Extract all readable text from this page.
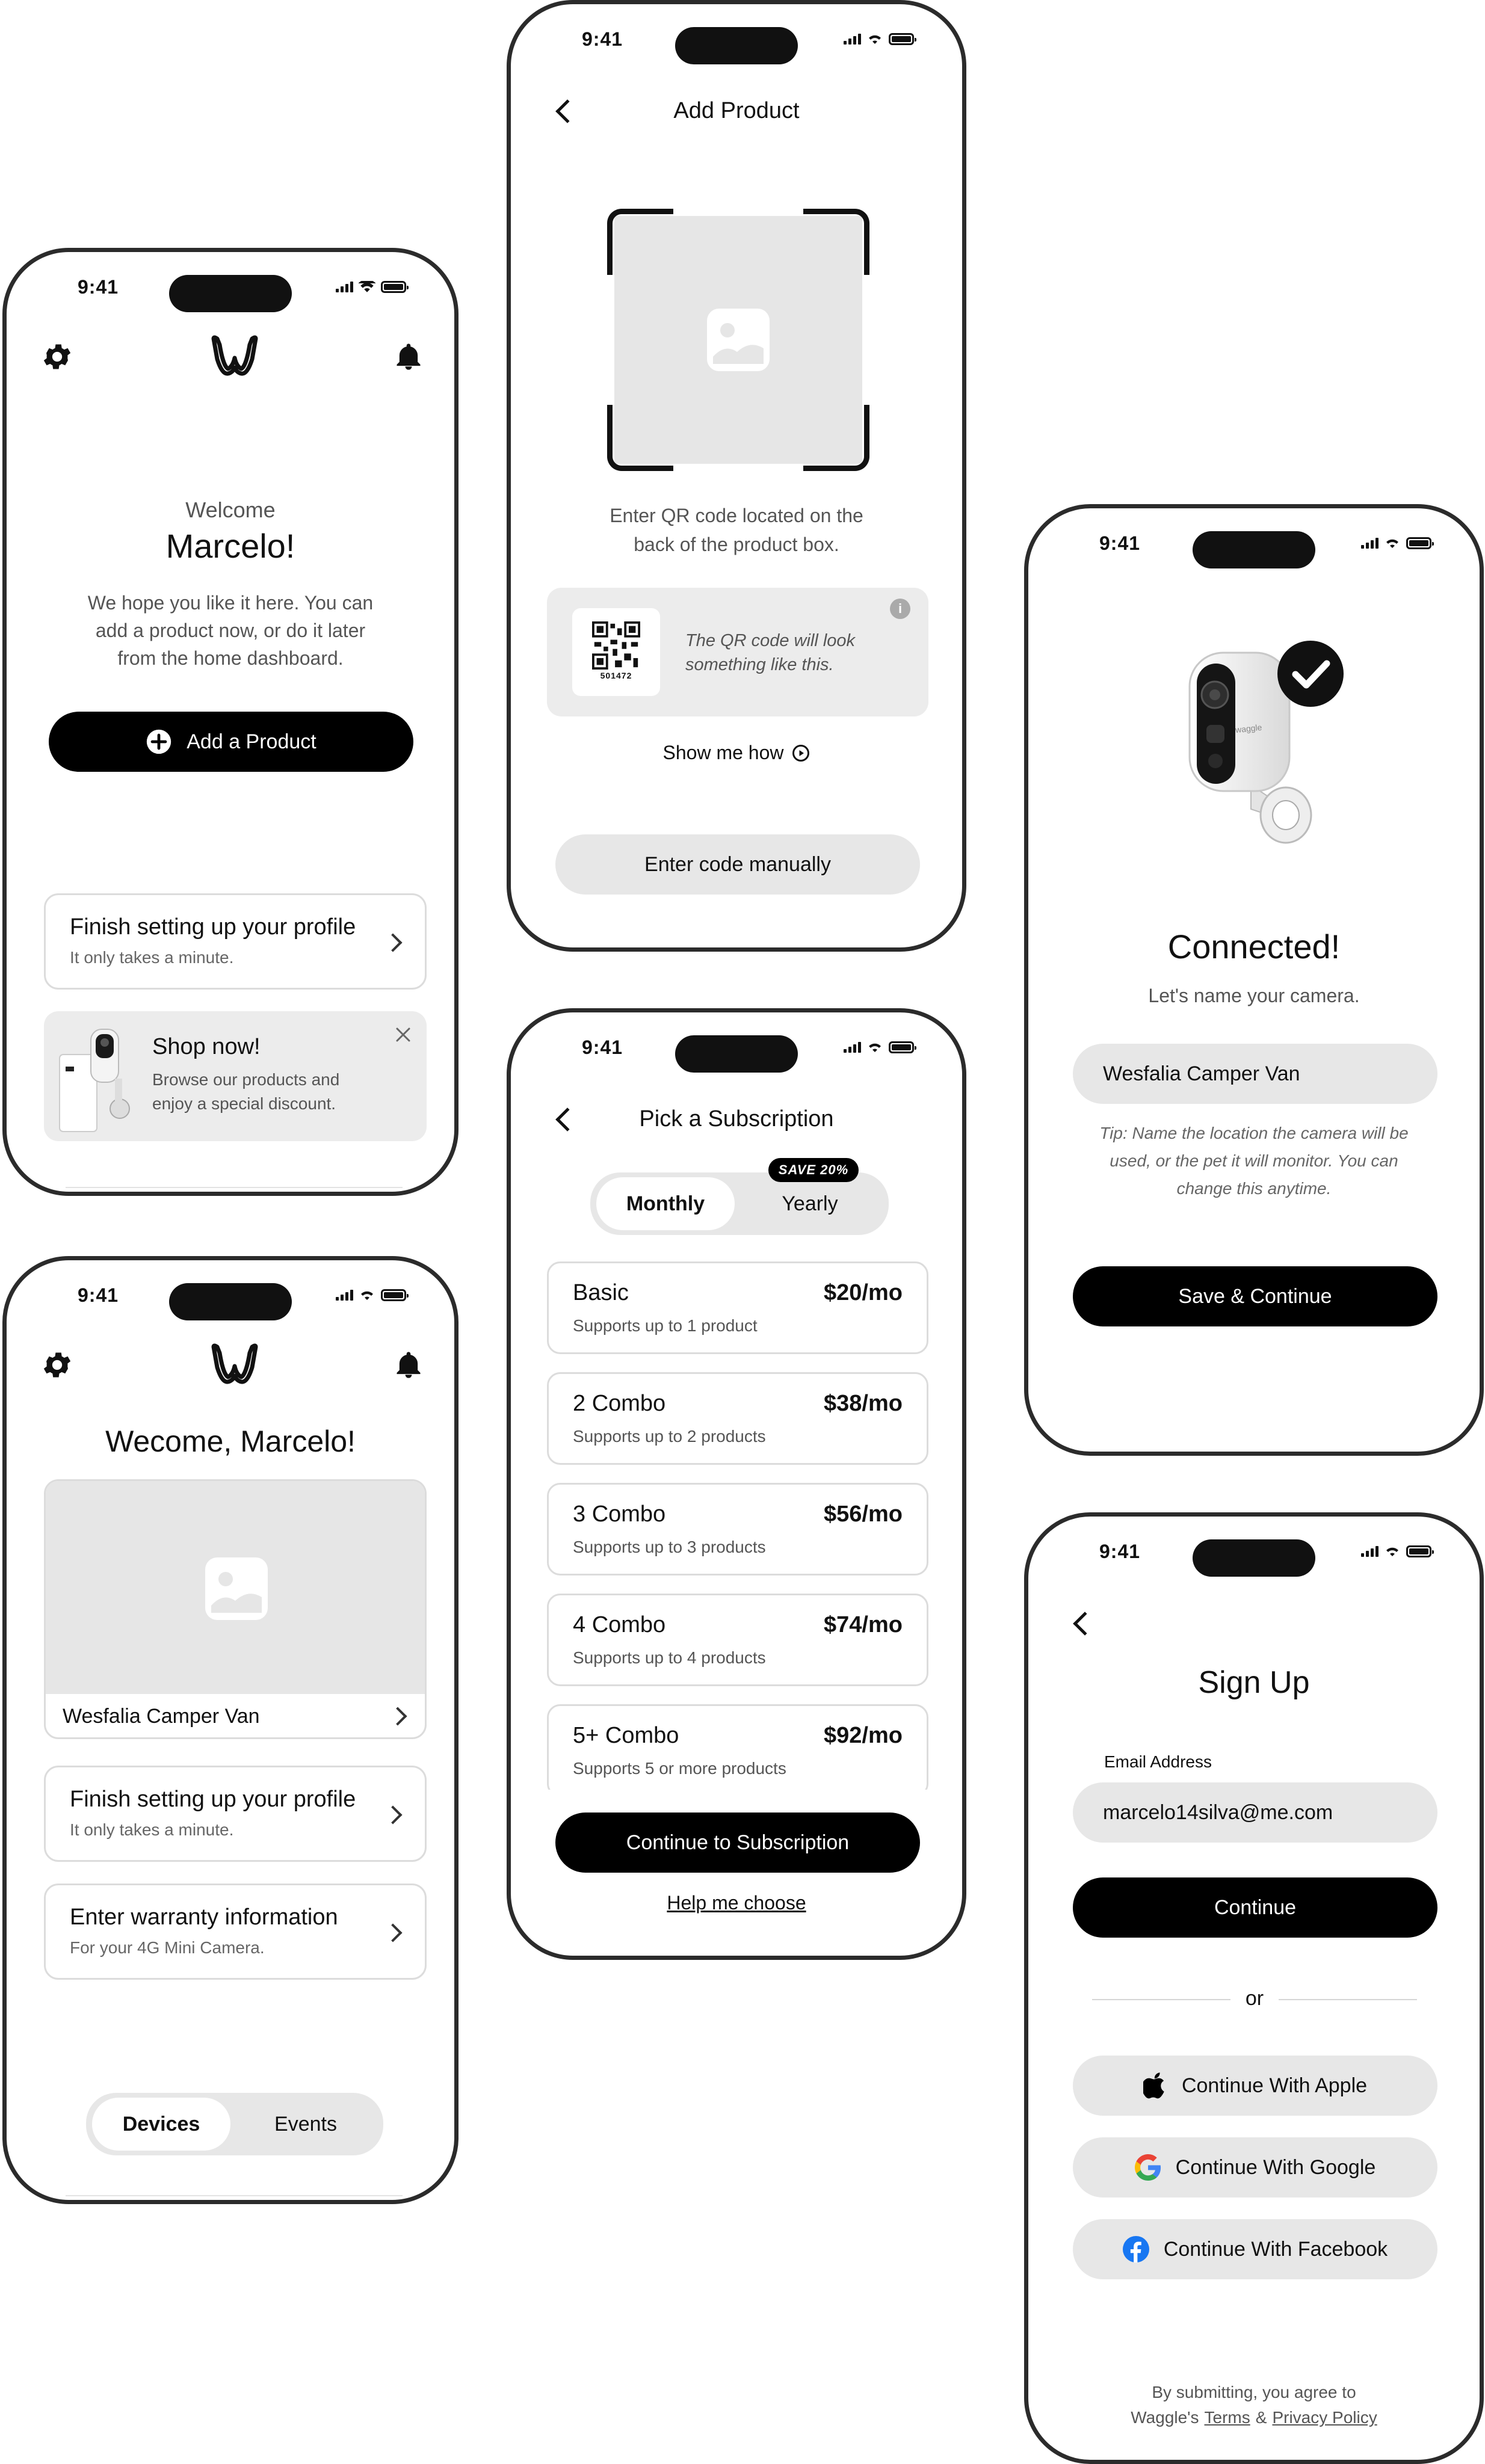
9:41
Welcome
Marcelo!
We hope you like it here. You can add a product now, or do it later from the home dashboard.
Add a Product
Finish setting up your profile
It only takes a minute.
Shop now!
Browse our products and enjoy a special discount.
9:41
Wecome, Marcelo!
Wesfalia Camper Van
Finish setting up your profile
It only takes a minute.
Enter warranty information
For your 4G Mini Camera.
Devices	Events
9:41
Add Product
Enter QR code located on the back of the product box.
501472
The QR code will look something like this.
i
Show me how
Enter code manually
9:41
Pick a Subscription
Monthly	Yearly
SAVE 20%
Basic	$20/mo
Supports up to 1 product
2 Combo	$38/mo
Supports up to 2 products
3 Combo	$56/mo
Supports up to 3 products
4 Combo	$74/mo
Supports up to 4 products
5+ Combo	$92/mo
Supports 5 or more products
Continue to Subscription
Help me choose
9:41
waggle
Connected!
Let's name your camera.
Wesfalia Camper Van
Tip: Name the location the camera will be used, or the pet it will monitor. You can change this anytime.
Save & Continue
9:41
Sign Up
Email Address
marcelo14silva@me.com
Continue
or
Continue With Apple
Continue With Google
Continue With Facebook
By submitting, you agree to
Waggle's Terms & Privacy Policy
